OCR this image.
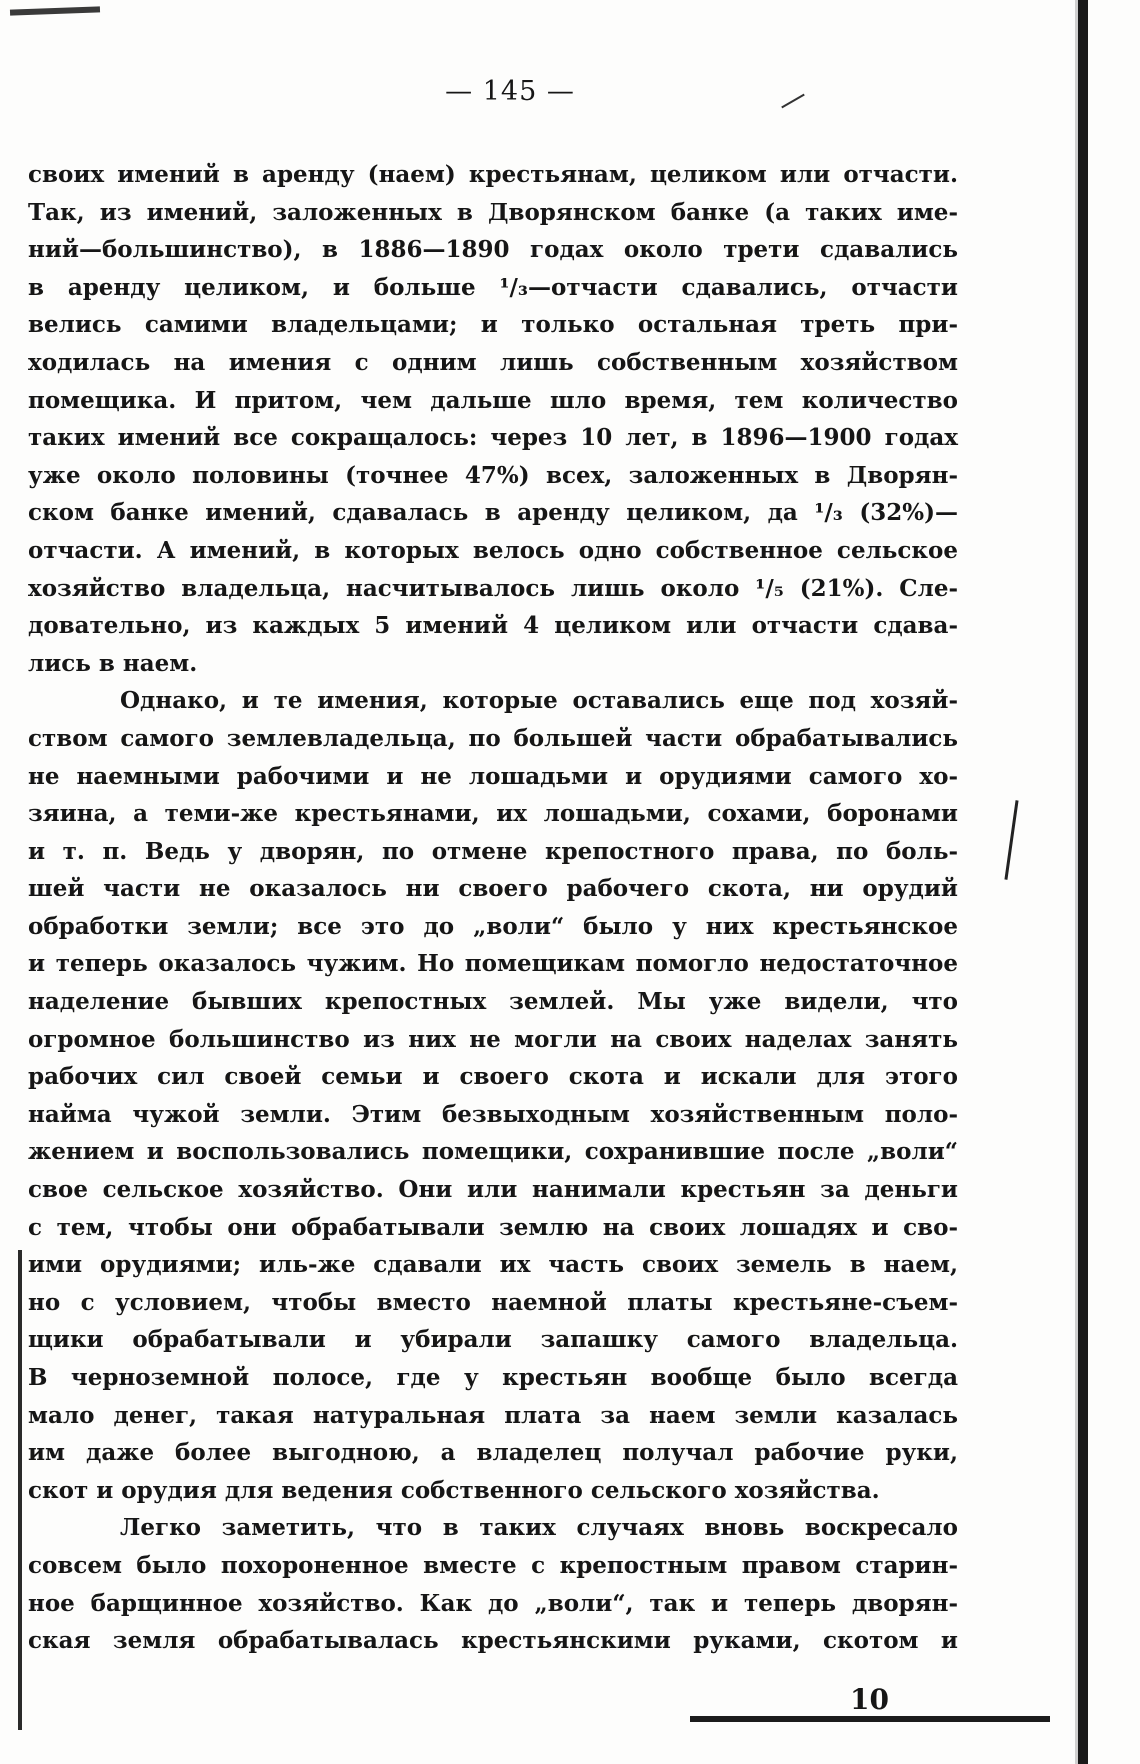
— 145 —
своих имений в аренду (наем) крестьянам, целиком или отчасти.
Так, из имений, заложенных в Дворянском банке (а таких име-
ний—большинство), в 1886—1890 годах около трети сдавались
в аренду целиком, и больше ¹/₃—отчасти сдавались, отчасти
велись самими владельцами; и только остальная треть при-
ходилась на имения с одним лишь собственным хозяйством
помещика. И притом, чем дальше шло время, тем количество
таких имений все сокращалось: через 10 лет, в 1896—1900 годах
уже около половины (точнее 47%) всех, заложенных в Дворян-
ском банке имений, сдавалась в аренду целиком, да ¹/₃ (32%)—
отчасти. А имений, в которых велось одно собственное сельское
хозяйство владельца, насчитывалось лишь около ¹/₅ (21%). Сле-
довательно, из каждых 5 имений 4 целиком или отчасти сдава-
лись в наем.
Однако, и те имения, которые оставались еще под хозяй-
ством самого землевладельца, по большей части обрабатывались
не наемными рабочими и не лошадьми и орудиями самого хо-
зяина, а теми-же крестьянами, их лошадьми, сохами, боронами
и т. п. Ведь у дворян, по отмене крепостного права, по боль-
шей части не оказалось ни своего рабочего скота, ни орудий
обработки земли; все это до „воли“ было у них крестьянское
и теперь оказалось чужим. Но помещикам помогло недостаточное
наделение бывших крепостных землей. Мы уже видели, что
огромное большинство из них не могли на своих наделах занять
рабочих сил своей семьи и своего скота и искали для этого
найма чужой земли. Этим безвыходным хозяйственным поло-
жением и воспользовались помещики, сохранившие после „воли“
свое сельское хозяйство. Они или нанимали крестьян за деньги
с тем, чтобы они обрабатывали землю на своих лошадях и сво-
ими орудиями; иль-же сдавали их часть своих земель в наем,
но с условием, чтобы вместо наемной платы крестьяне-съем-
щики обрабатывали и убирали запашку самого владельца.
В черноземной полосе, где у крестьян вообще было всегда
мало денег, такая натуральная плата за наем земли казалась
им даже более выгодною, а владелец получал рабочие руки,
скот и орудия для ведения собственного сельского хозяйства.
Легко заметить, что в таких случаях вновь воскресало
совсем было похороненное вместе с крепостным правом старин-
ное барщинное хозяйство. Как до „воли“, так и теперь дворян-
ская земля обрабатывалась крестьянскими руками, скотом и
10
